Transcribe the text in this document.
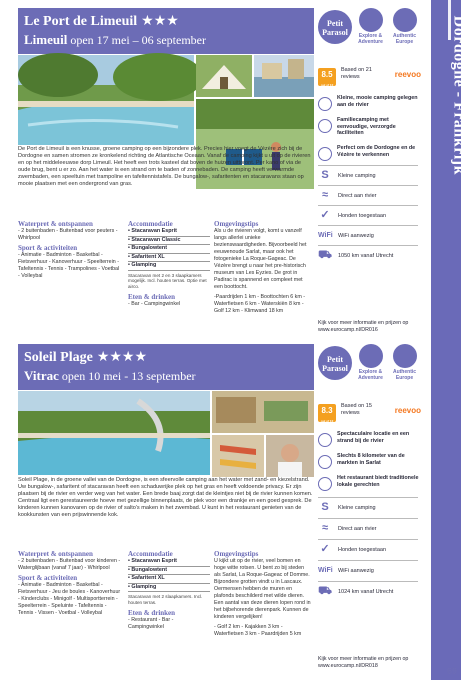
Dordogne - Frankrijk
Le Port de Limeuil ★★★
Limeuil open 17 mei – 06 september
Petit Parasol	Explore & Adventure
Authentic Europe
De Port de Limeuil is een knusse, groene camping op een bijzondere plek. Precies hier voegt de Vézère zich bij de Dordogne en samen stromen ze kronkelend richting de Atlantische Oceaan. Vanaf de camping kijkt u uit op de rivieren en op het middeleeuwse dorp Limeuil. Het heeft een trots kasteel dat boven de huizen uittoront. Per kano of via de oude brug, bent u er zo. Aan het water is een strand om te baden of zonnebaden. De camping heeft verwarmde zwembaden, een speeltuin met trampoline en tafeltennistafels. De bungalow-, safaritenten en stacaravans staan op mooie plaatsen met een ondergrond van gras.
Waterpret & ontspannen
- 2 buitenbaden - Buitenbad voor peuters - Whirlpool
Sport & activiteiten
- Animatie - Badminton - Basketbal - Fietsverhuur - Kanoverhuur - Speelterrein - Tafeltennis - Tennis - Trampolines - Voetbal - Volleybal
Accommodatie
• Stacaravan Esprit
• Stacaravan Classic
• Bungalowtent
• Safaritent XL
• Glamping
Stacaravan met 2 en 3 slaapkamers mogelijk. Incl. houten terras. Optie met airco.
Eten & drinken
- Bar - Campingwinkel
Omgevingstips
Als u de rivieren volgt, komt u vanzelf langs allerlei unieke bezienswaardigheden. Bijvoorbeeld het eeuwenoude Sarlat, maar ook het fotogenieke La Roque-Gageac. De Vézère brengt u naar het pre-historisch museum van Les Eyzies. De grot in Padirac is spannend en compleet met een boottocht.
-Paardrijden 1 km - Boottochten 6 km - Waterfietsen 6 km - Waterskiën 8 km - Golf 12 km - Klimwand 18 km
8.5
out of 10
Based on 21 reviews	reevoo
Kleine, mooie camping gelegen aan de rivier
Familiecamping met eenvoudige, verzorgde faciliteiten
Perfect om de Dordogne en de Vézère te verkennen
S	Kleine camping
≈	Direct aan rivier
✓	Honden toegestaan
WiFi WiFi aanwezig
⛟ 1050 km vanaf Utrecht
Kijk voor meer informatie en prijzen op www.eurocamp.nl/DR016
Soleil Plage ★★★★
Vitrac open 10 mei - 13 september
Petit Parasol	Explore & Adventure
Authentic Europe
Soleil Plage, in de groene vallei van de Dordogne, is een sfeervolle camping aan het water met zand- en kiezelstrand. Uw bungalow-, safaritent of stacaravan heeft een schaduwrijke plek op het gras en heeft voldoende privacy. Er zijn plaatsen bij de rivier en verder weg van het water. Een brede baaj zorgt dat de kleintjes niet bij de rivier kunnen komen. Centraal ligt een gerestaureerde hoeve met gezellige binnenplaats, de plek voor een drankje en een goed gesprek. De kinderen kunnen kanovaren op de rivier of salto's maken in het zwembad. U kunt in het restaurant genieten van de kookkunsten van een prijswinnende kok.
Waterpret & ontspannen
- 2 buitenbaden - Buitenbad voor kinderen - Waterglijbaan (vanaf 7 jaar) - Whirlpool
Sport & activiteiten
- Animatie - Badminton - Basketbal - Fietsverhuur - Jeu de boules - Kanoverhuur - Kinderclubs - Minigolf - Multisportterrein - Speelterrein - Speluinte - Tafeltennis - Tennis - Vissen - Voetbal - Volleybal
Accommodatie
• Stacaravan Esprit
• Bungalowtent
• Safaritent XL
• Glamping
Stacaravan met 2 slaapkamers. Incl. houten terras.
Eten & drinken
- Restaurant - Bar - Campingwinkel
Omgevingstips
U kijkt uit op de rivier, veel bomen en hoge witte rotsen. U bent zo bij steden als Sarlat, La Roque-Gageac of Domme. Bijzondere grotten vindt u in Lascaux. Oermensen hebben de muren en plafonds beschilderd met wilde dieren. Een aantal van deze dieren lopen rond in het bijbehorende dierenpark. Kunnen de kinderen vergelijken!
- Golf 2 km - Kajakken 3 km - Waterfietsen 3 km - Paardrijden 5 km
8.3
out of 10
Based on 15 reviews	reevoo
Spectaculaire locatie en een strand bij de rivier
Slechts 8 kilometer van de markten in Sarlat
Het restaurant biedt traditionele lokale gerechten
S	Kleine camping
≈	Direct aan rivier
✓	Honden toegestaan
WiFi WiFi aanwezig
⛟ 1024 km vanaf Utrecht
Kijk voor meer informatie en prijzen op www.eurocamp.nl/DR018
69
